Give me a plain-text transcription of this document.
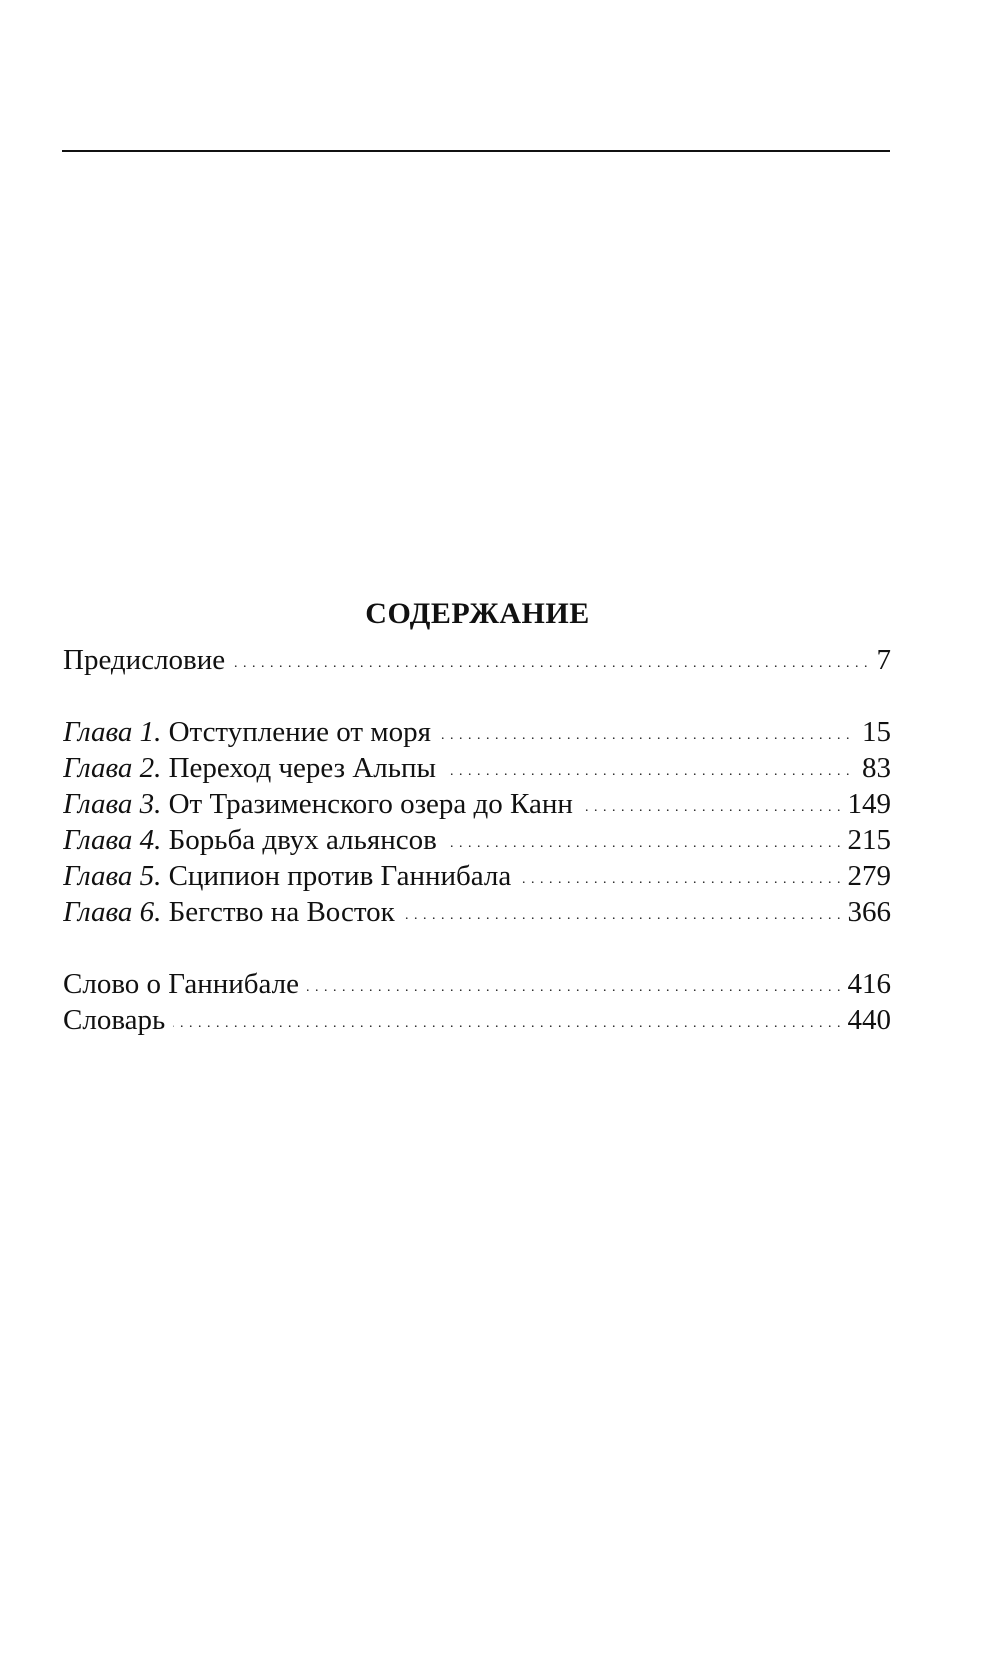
СОДЕРЖАНИЕ
Предисловие	7
. . .
Глава 1. Отступление от моря	15
. . .
Глава 2. Переход через Альпы	83
. . .
Глава 3. От Тразименского озера до Канн	149
. . .
Глава 4. Борьба двух альянсов	215
. . .
Глава 5. Сципион против Ганнибала	279
. . .
Глава 6. Бегство на Восток	366
. . .
Слово о Ганнибале	416
. . .
Словарь	440
. . .
